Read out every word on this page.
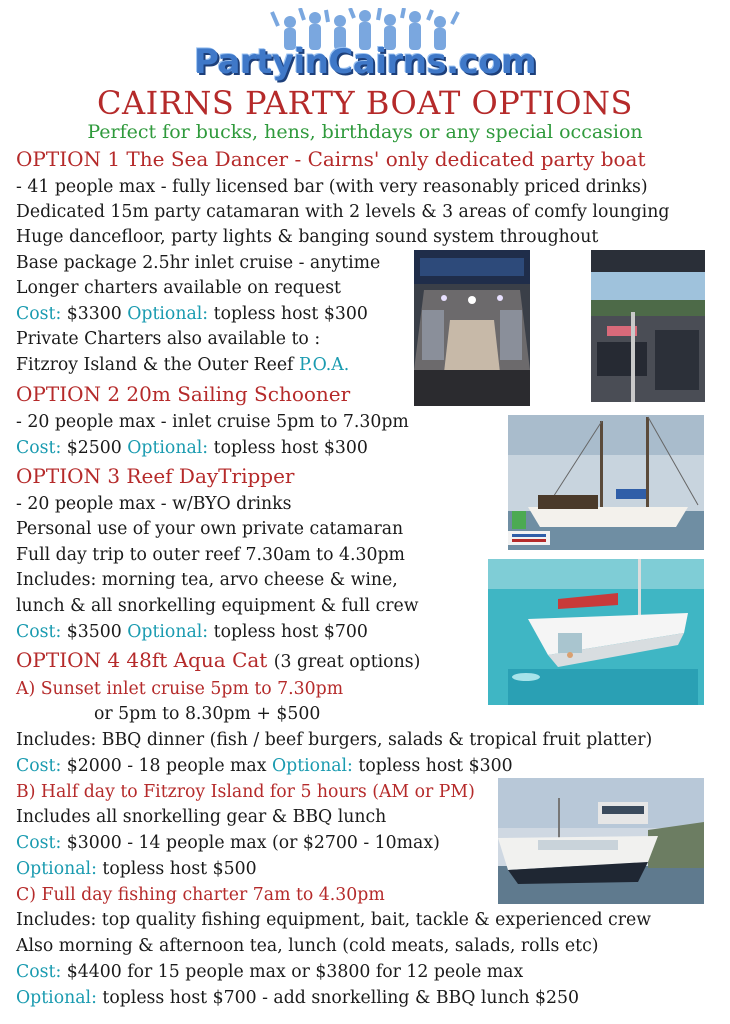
PartyinCairns.com
CAIRNS PARTY BOAT OPTIONS
Perfect for bucks, hens, birthdays or any special occasion
OPTION 1 The Sea Dancer - Cairns' only dedicated party boat
- 41 people max - fully licensed bar (with very reasonably priced drinks)
Dedicated 15m party catamaran with 2 levels & 3 areas of comfy lounging
Huge dancefloor, party lights & banging sound system throughout
Base package 2.5hr inlet cruise - anytime
Longer charters available on request
Cost: $3300 Optional: topless host $300
Private Charters also available to :
Fitzroy Island & the Outer Reef P.O.A.
OPTION 2 20m Sailing Schooner
- 20 people max - inlet cruise 5pm to 7.30pm
Cost: $2500 Optional: topless host $300
OPTION 3 Reef DayTripper
- 20 people max - w/BYO drinks
Personal use of your own private catamaran
Full day trip to outer reef 7.30am to 4.30pm
Includes: morning tea, arvo cheese & wine,
lunch & all snorkelling equipment & full crew
Cost: $3500 Optional: topless host $700
OPTION 4 48ft Aqua Cat (3 great options)
A) Sunset inlet cruise 5pm to 7.30pm
or 5pm to 8.30pm + $500
Includes: BBQ dinner (fish / beef burgers, salads & tropical fruit platter)
Cost: $2000 - 18 people max Optional: topless host $300
B) Half day to Fitzroy Island for 5 hours (AM or PM)
Includes all snorkelling gear & BBQ lunch
Cost: $3000 - 14 people max (or $2700 - 10max)
Optional: topless host $500
C) Full day fishing charter 7am to 4.30pm
Includes: top quality fishing equipment, bait, tackle & experienced crew
Also morning & afternoon tea, lunch (cold meats, salads, rolls etc)
Cost: $4400 for 15 people max or $3800 for 12 peole max
Optional: topless host $700 - add snorkelling & BBQ lunch $250
